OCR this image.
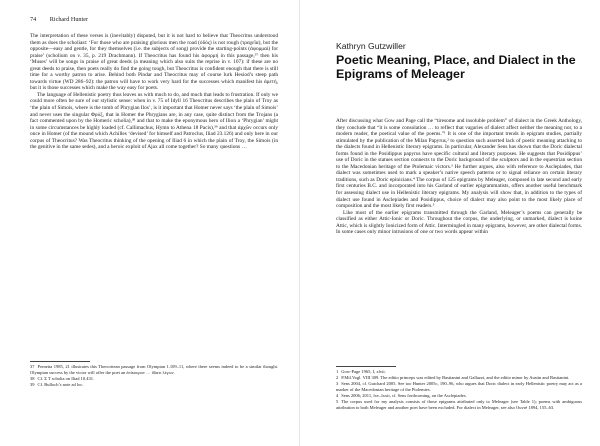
74 Richard Hunter

The interpretation of these verses is (inevitably) disputed, but it is not hard to believe that Theocritus understood them as does the scholiast: ‘For those who are praising glorious men the road (ὁδός) is not rough (τραχεῖα), but the opposite—easy and gentle, for they themselves (i.e. the subjects of song) provide the starting-points (ἀφορμαί) for praise’ (scholium on v. 35, p. 219 Drachmann). If Theocritus has found his ἀφορμή in this passage,³⁷ then his ‘Muses’ will be songs in praise of great deeds (a meaning which also suits the reprise in v. 107): if these are no great deeds to praise, then poets really do find the going tough, but Theocritus is confident enough that there is still time for a worthy patron to arise. Behind both Pindar and Theocritus may of course lurk Hesiod’s steep path towards virtue (WD 286–92): the patron will have to work very hard for the successes which manifest his ἀρετή, but it is those successes which make the way easy for poets.

The language of Hellenistic poetry thus leaves us with much to do, and much that leads to frustration. If only we could more often be sure of our stylistic sense: when in v. 75 of Idyll 16 Theocritus describes the plain of Troy as ‘the plain of Simois, where is the tomb of Phrygian Ilos’, is it important that Homer never says ‘the plain of Simois’ and never uses the singular Φρύξ, that in Homer the Phrygians are, in any case, quite distinct from the Trojans (a fact commented upon by the Homeric scholia),³⁸ and that to make the eponymous hero of Ilion a ‘Phrygian’ might in some circumstances be highly loaded (cf. Callimachus, Hymn to Athena 18 Pacis),³⁹ and that ἀρχῶν occurs only once in Homer (of the mound which Achilles ‘devised’ for himself and Patroclus, Iliad 23.126) and only here in our corpus of Theocritus? Was Theocritus thinking of the opening of Iliad 6 in which the plain of Troy, the Simois (in the genitive in the same sedes), and a heroic exploit of Ajax all come together? So many questions …

37 Pernetta 1985, 21 illustrates this Theocritean passage from Olympian 1.109–11, where there seems indeed to be a similar thought. Olympian success by the victor will offer the poet an ἐπίκουρον … ὕδατι λέγων.

38 Cf. Σ T scholia on Iliad 10.431.

39 Cf. Bulloch’s note ad loc.

Kathryn Gutzwiller
Poetic Meaning, Place, and Dialect in the Epigrams of Meleager

After discussing what Gow and Page call the “tiresome and insoluble problem” of dialect in the Greek Anthology, they conclude that “it is some consolation … to reflect that vagaries of dialect affect neither the meaning nor, to a modern reader, the poetical value of the poems.”¹ It is one of the important trends in epigram studies, partially stimulated by the publication of the Milan Papyrus,² to question such asserted lack of poetic meaning attaching to the dialects found in Hellenistic literary epigrams. In particular, Alexander Sens has shown that the Doric dialectal forms found in the Posidippus papyrus have specific cultural and literary purposes. He suggests that Posidippus’ use of Doric in the statues section connects to the Doric background of the sculptors and in the equestrian section to the Macedonian heritage of the Ptolemaic victors.³ He further argues, also with reference to Asclepiades, that dialect was sometimes used to mark a speaker’s native speech patterns or to signal reliance on certain literary traditions, such as Doric epinicians.⁴ The corpus of 125 epigrams by Meleager, composed in late second and early first centuries B.C. and incorporated into his Garland of earlier epigrammatists, offers another useful benchmark for assessing dialect use in Hellenistic literary epigrams. My analysis will show that, in addition to the types of dialect use found in Asclepiades and Posidippus, choice of dialect may also point to the most likely place of composition and the most likely first readers.⁵

Like most of the earlier epigrams transmitted through the Garland, Meleager’s poems can generally be classified as either Attic-Ionic or Doric. Throughout the corpus, the underlying, or unmarked, dialect is koine Attic, which is slightly Ionicized form of Attic. Intermingled in many epigrams, however, are other dialectal forms. In some cases only minor intrusions of one or two words appear within

1 Gow-Page 1965, I, xlvii.

2 P.Mil.Vogl. VIII 309. The editio princeps was edited by Bastianini and Gallazzi, and the editio minor by Austin and Bastianini.

3 Sens 2004, cf. Guichard 2005. See too Hunter 2005c, 190–96, who argues that Doric dialect in early Hellenistic poetry may act as a marker of the Macedonian heritage of the Ptolemies.

4 Sens 2006; 2011, lxv–lxxii, cf. Sens forthcoming, on the Asclepiades.

5 The corpus used for my analysis consists of those epigrams attributed only to Meleager (see Table 1); poems with ambiguous attribution to both Meleager and another poet have been excluded. For dialect in Meleager, see also Ouvré 1894, 155–63.
